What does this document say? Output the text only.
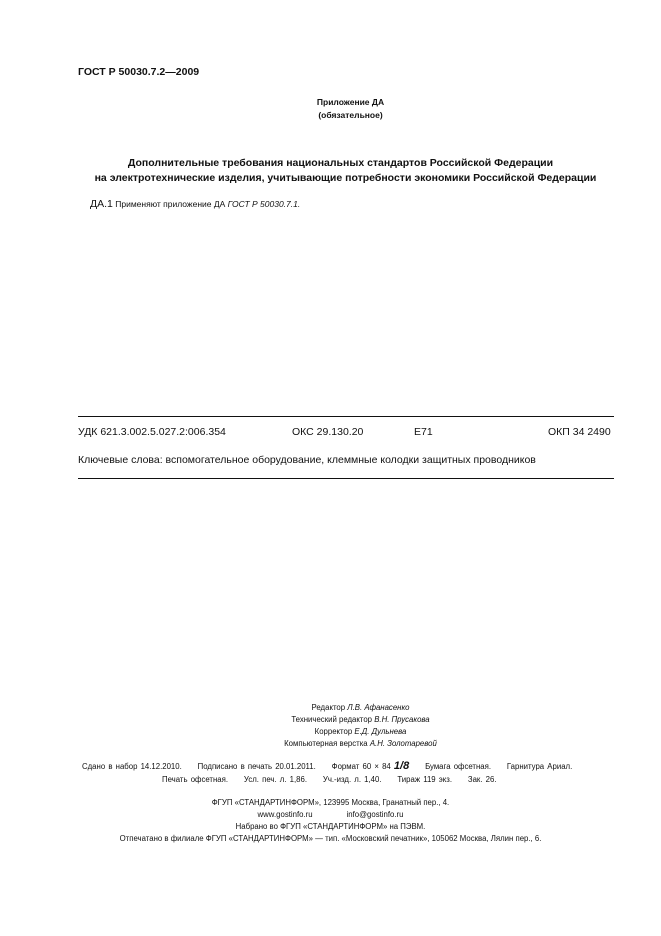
ГОСТ Р 50030.7.2—2009
Приложение ДА
(обязательное)
Дополнительные требования национальных стандартов Российской Федерации
на электротехнические изделия, учитывающие потребности экономики Российской Федерации
ДА.1 Применяют приложение ДА ГОСТ Р 50030.7.1.
УДК 621.3.002.5.027.2:006.354	ОКС 29.130.20	E71	ОКП 34 2490
Ключевые слова: вспомогательное оборудование, клеммные колодки защитных проводников
Редактор Л.В. Афанасенко
Технический редактор В.Н. Прусакова
Корректор Е.Д. Дульнева
Компьютерная верстка А.Н. Золотаревой
Сдано в набор 14.12.2010. Подписано в печать 20.01.2011. Формат 60 × 84 1/8 Бумага офсетная. Гарнитура Ариал.
Печать офсетная. Усл. печ. л. 1,86. Уч.-изд. л. 1,40. Тираж 119 экз. Зак. 26.
ФГУП «СТАНДАРТИНФОРМ», 123995 Москва, Гранатный пер., 4.
www.gostinfo.ru	info@gostinfo.ru
Набрано во ФГУП «СТАНДАРТИНФОРМ» на ПЭВМ.
Отпечатано в филиале ФГУП «СТАНДАРТИНФОРМ» — тип. «Московский печатник», 105062 Москва, Лялин пер., 6.
